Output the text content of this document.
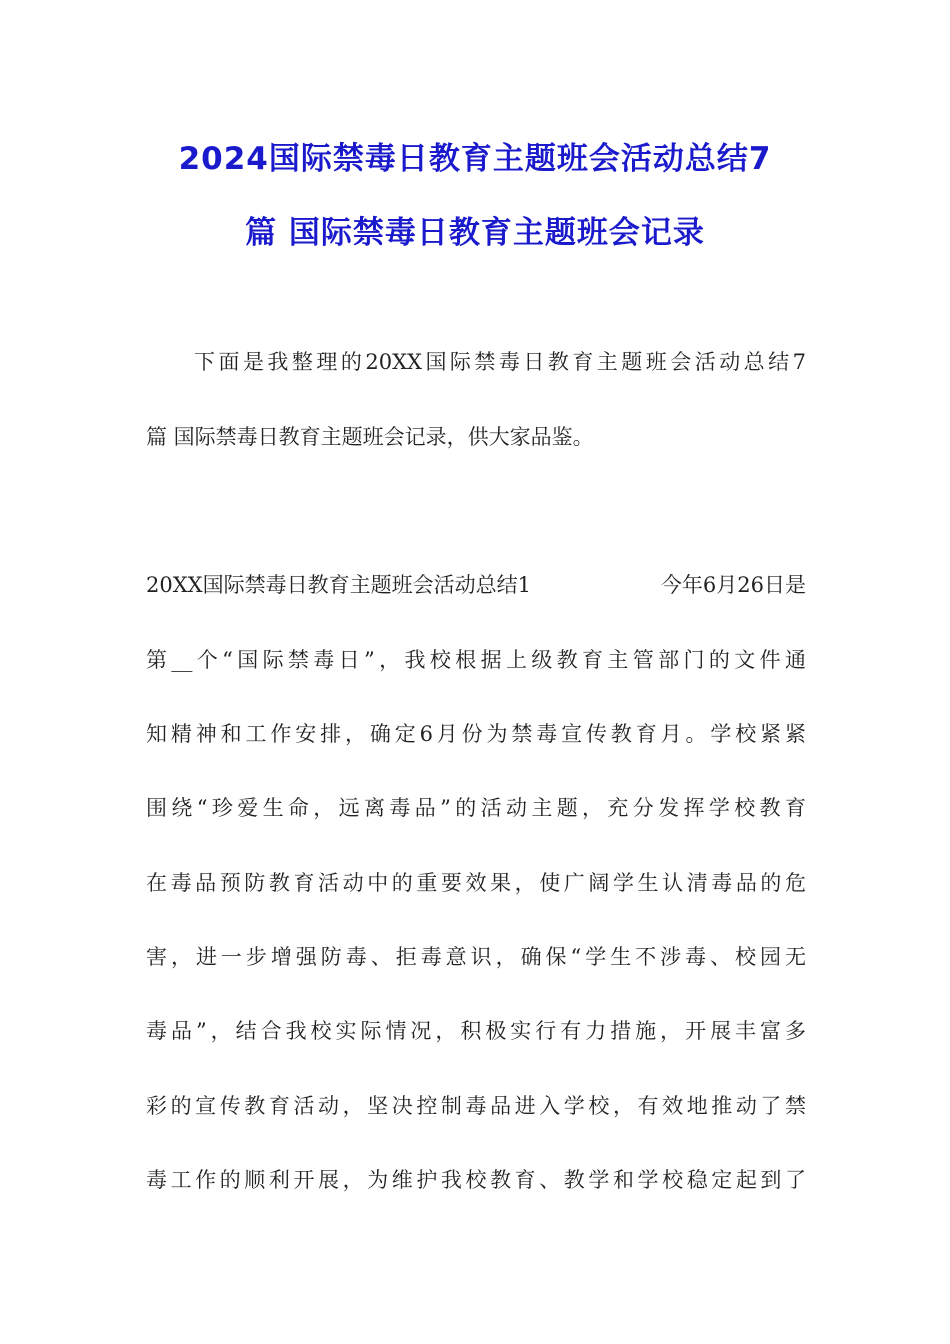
2024国际禁毒日教育主题班会活动总结7
篇 国际禁毒日教育主题班会记录

下面是我整理的20XX国际禁毒日教育主题班会活动总结7

篇 国际禁毒日教育主题班会记录，供大家品鉴。

20XX国际禁毒日教育主题班会活动总结1	今年6月26日是

第__个“国际禁毒日”，我校根据上级教育主管部门的文件通

知精神和工作安排，确定6月份为禁毒宣传教育月。学校紧紧

围绕“珍爱生命，远离毒品”的活动主题，充分发挥学校教育

在毒品预防教育活动中的重要效果，使广阔学生认清毒品的危

害，进一步增强防毒、拒毒意识，确保“学生不涉毒、校园无

毒品”，结合我校实际情况，积极实行有力措施，开展丰富多

彩的宣传教育活动，坚决控制毒品进入学校，有效地推动了禁

毒工作的顺利开展，为维护我校教育、教学和学校稳定起到了
